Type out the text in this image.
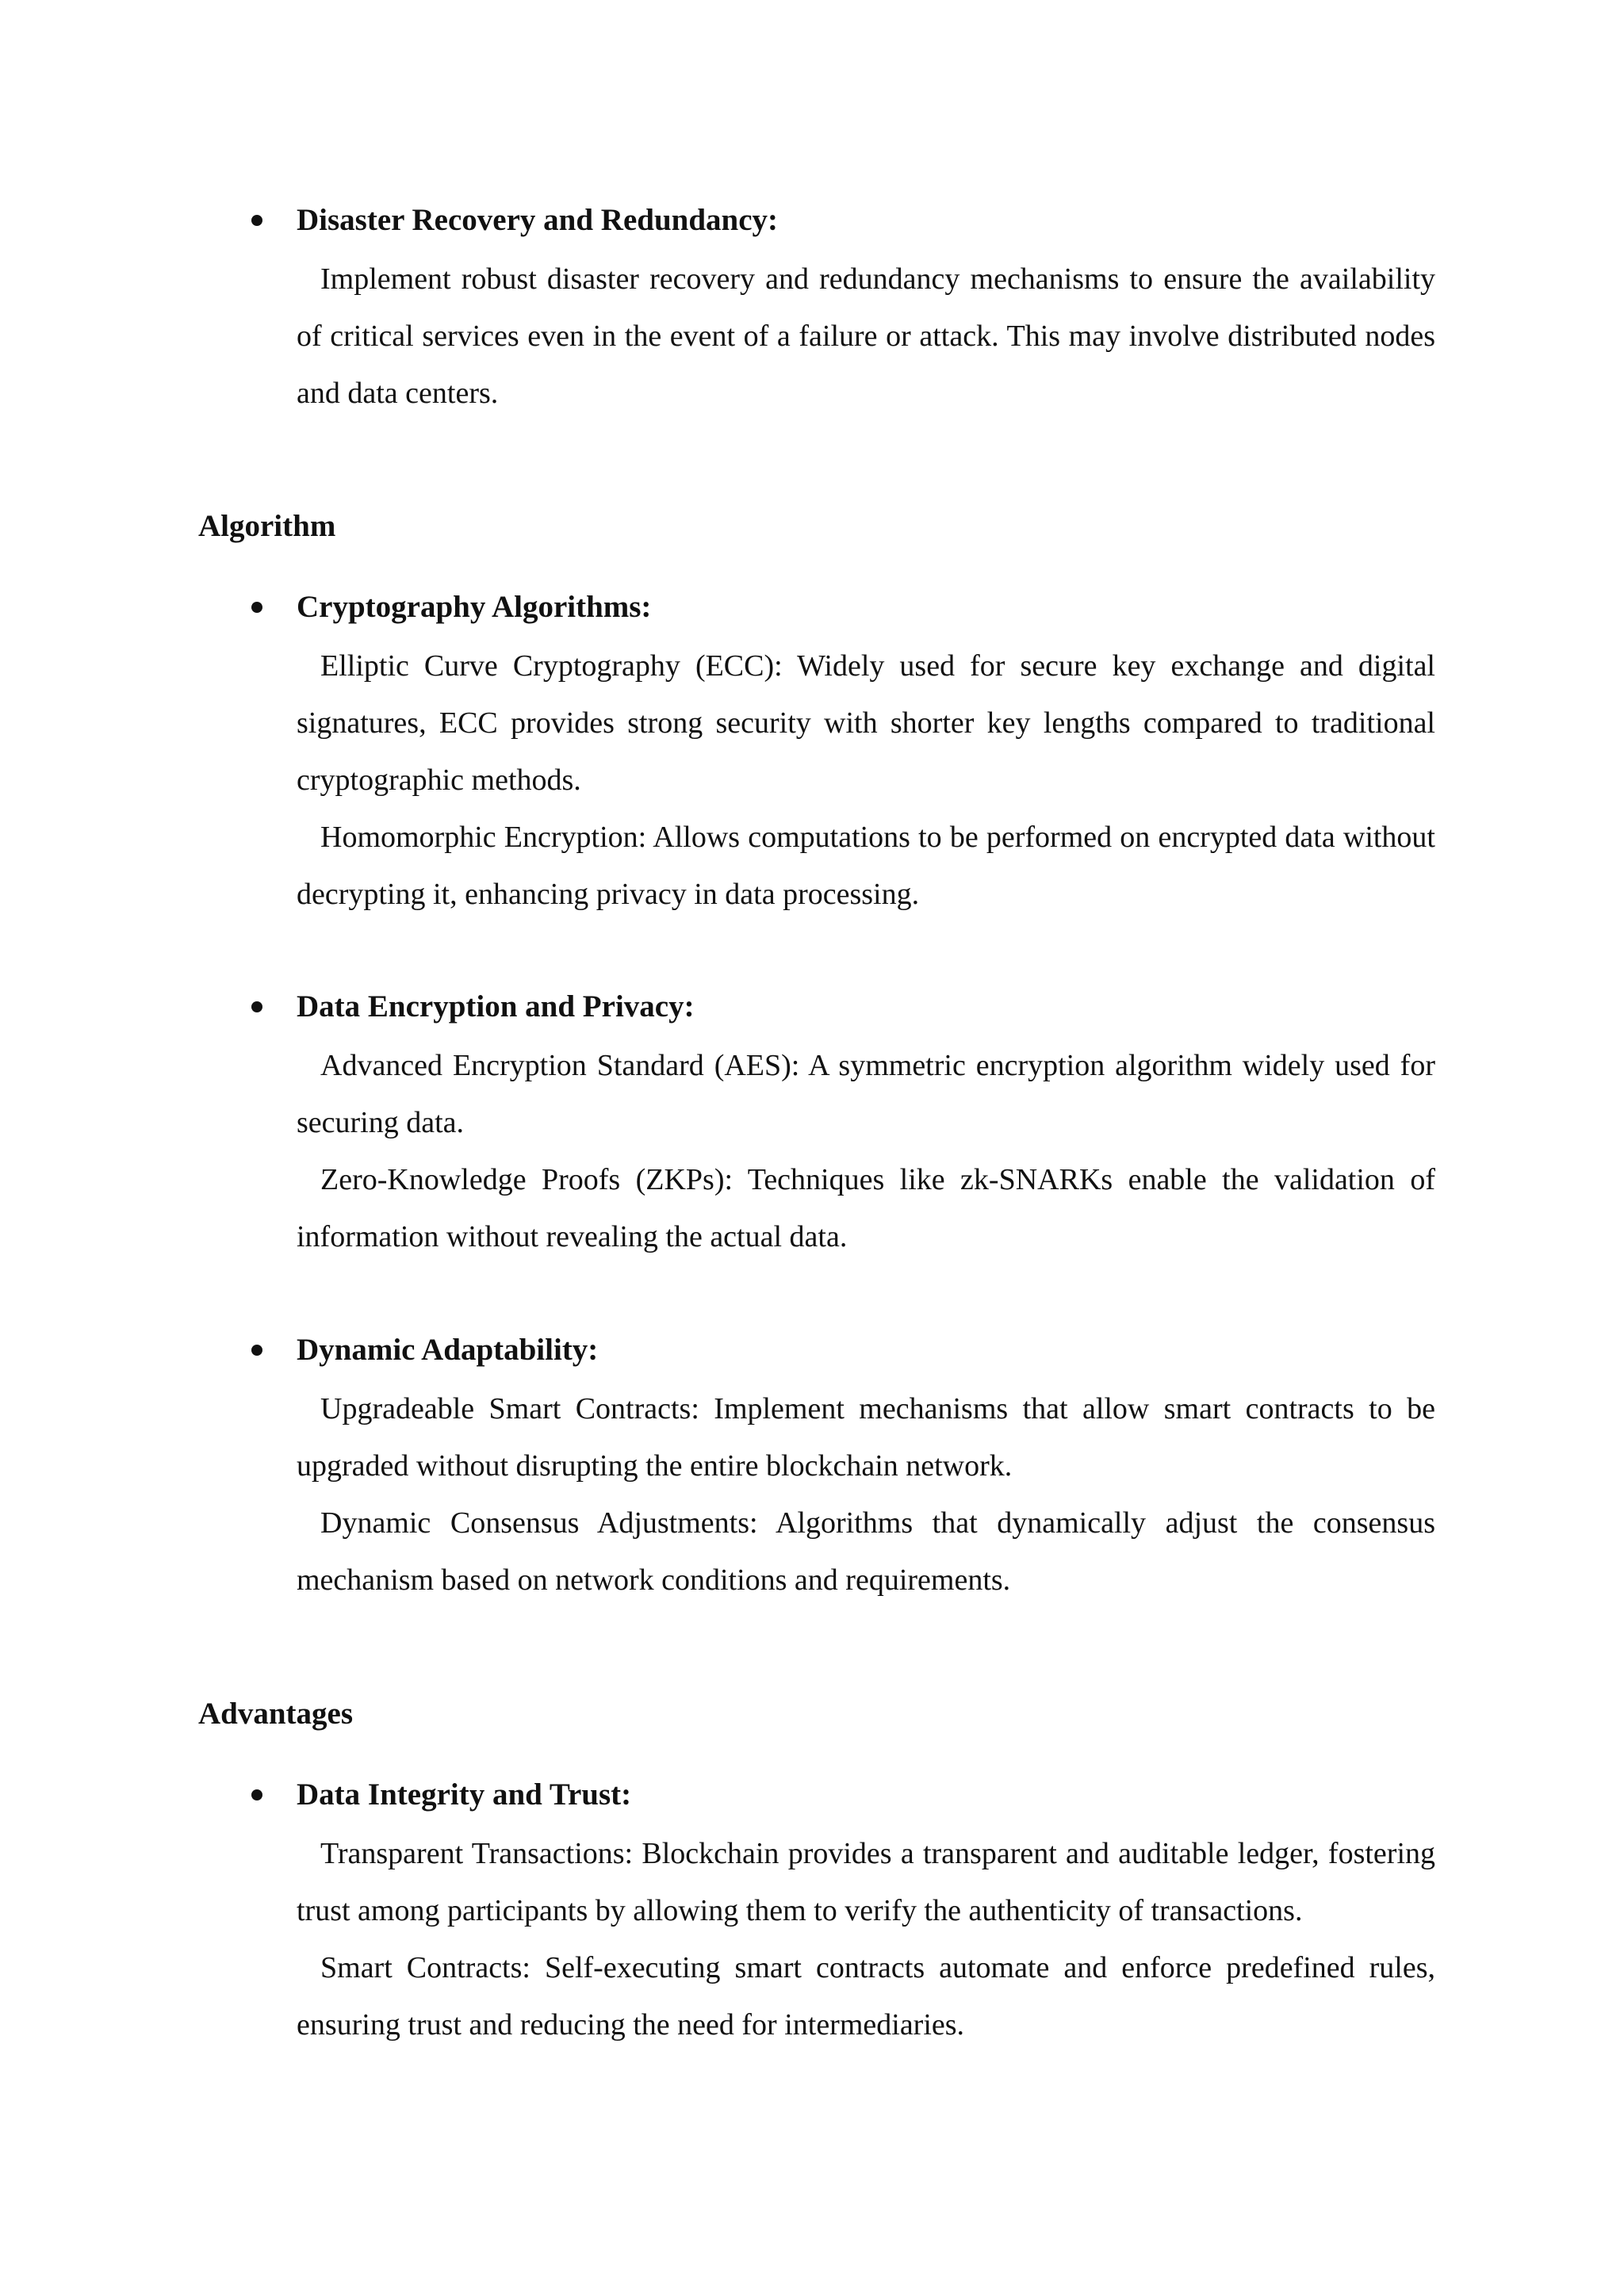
Disaster Recovery and Redundancy:

Implement robust disaster recovery and redundancy mechanisms to ensure the availability of critical services even in the event of a failure or attack. This may involve distributed nodes and data centers.

Algorithm

Cryptography Algorithms:

Elliptic Curve Cryptography (ECC): Widely used for secure key exchange and digital signatures, ECC provides strong security with shorter key lengths compared to traditional cryptographic methods.

Homomorphic Encryption: Allows computations to be performed on encrypted data without decrypting it, enhancing privacy in data processing.

Data Encryption and Privacy:

Advanced Encryption Standard (AES): A symmetric encryption algorithm widely used for securing data.

Zero-Knowledge Proofs (ZKPs): Techniques like zk-SNARKs enable the validation of information without revealing the actual data.

Dynamic Adaptability:

Upgradeable Smart Contracts: Implement mechanisms that allow smart contracts to be upgraded without disrupting the entire blockchain network.

Dynamic Consensus Adjustments: Algorithms that dynamically adjust the consensus mechanism based on network conditions and requirements.

Advantages

Data Integrity and Trust:

Transparent Transactions: Blockchain provides a transparent and auditable ledger, fostering trust among participants by allowing them to verify the authenticity of transactions.

Smart Contracts: Self-executing smart contracts automate and enforce predefined rules, ensuring trust and reducing the need for intermediaries.
